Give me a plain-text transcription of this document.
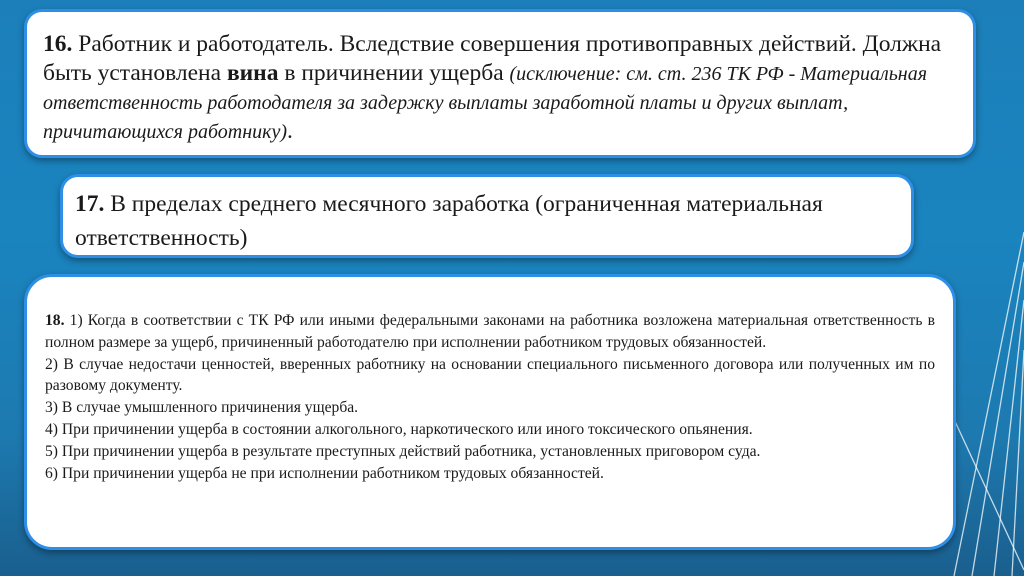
16. Работник и работодатель. Вследствие совершения противоправных действий. Должна быть установлена вина в причинении ущерба (исключение: см. ст. 236 ТК РФ - Материальная ответственность работодателя за задержку выплаты заработной платы и других выплат, причитающихся работнику).

17. В пределах среднего месячного заработка (ограниченная материальная ответственность)

18. 1) Когда в соответствии с ТК РФ или иными федеральными законами на работника возложена материальная ответственность в полном размере за ущерб, причиненный работодателю при исполнении работником трудовых обязанностей.
2) В случае недостачи ценностей, вверенных работнику на основании специального письменного договора или полученных им по разовому документу.
3) В случае умышленного причинения ущерба.
4) При причинении ущерба в состоянии алкогольного, наркотического или иного токсического опьянения.
5) При причинении ущерба в результате преступных действий работника, установленных приговором суда.
6) При причинении ущерба не при исполнении работником трудовых обязанностей.
